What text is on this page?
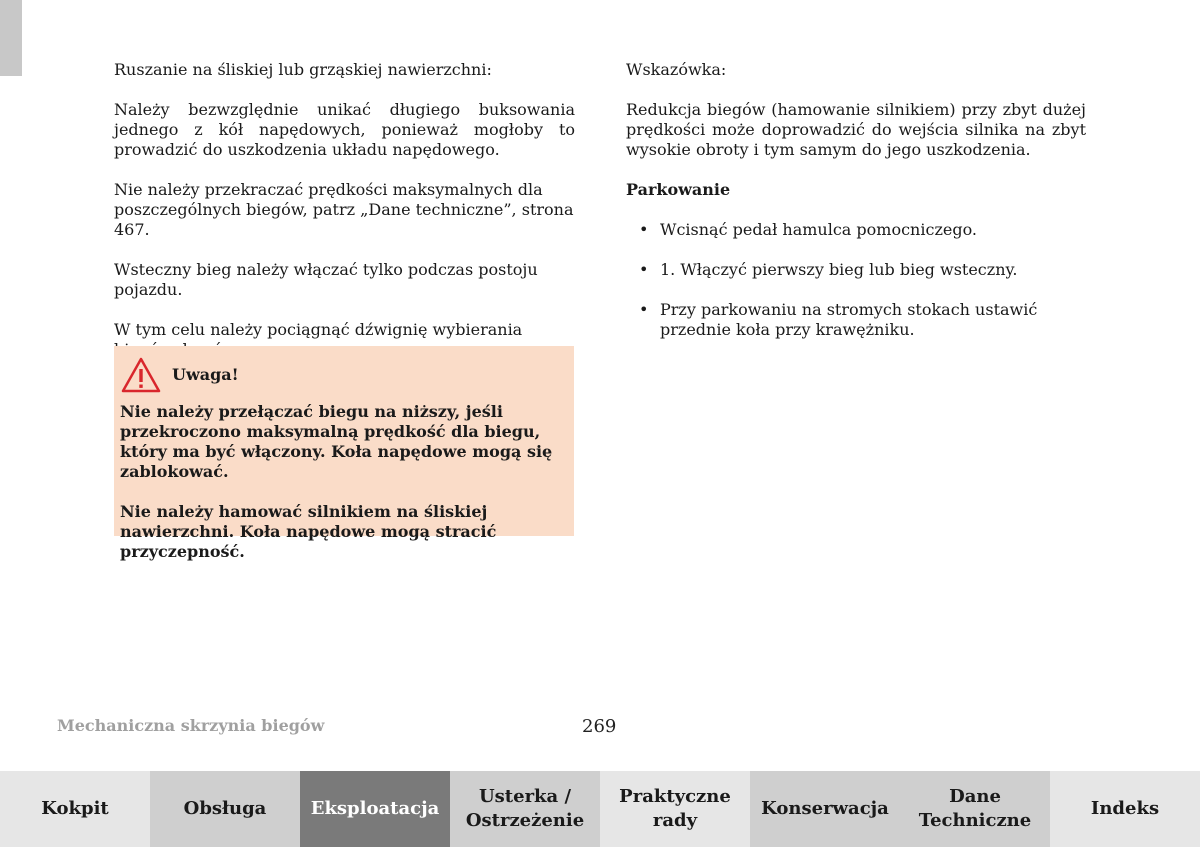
Ruszanie na śliskiej lub grząskiej nawierzchni:

Należy bezwzględnie unikać długiego buksowania jednego z kół napędowych, ponieważ mogłoby to prowadzić do uszkodzenia układu napędowego.

Nie należy przekraczać prędkości maksymalnych dla poszczególnych biegów, patrz „Dane techniczne”, strona 467.

Wsteczny bieg należy włączać tylko podczas postoju pojazdu.

W tym celu należy pociągnąć dźwignię wybierania

Uwaga!

Nie należy przełączać biegu na niższy, jeśli przekroczono maksymalną prędkość dla biegu, który ma być włączony. Koła napędowe mogą się zablokować.

Nie należy hamować silnikiem na śliskiej nawierzchni. Koła napędowe mogą stracić przyczepność.

Wskazówka:

Redukcja biegów (hamowanie silnikiem) przy zbyt dużej prędkości może doprowadzić do wejścia silnika na zbyt wysokie obroty i tym samym do jego uszkodzenia.

Parkowanie
• Wcisnąć pedał hamulca pomocniczego.
• 1. Włączyć pierwszy bieg lub bieg wsteczny.
• Przy parkowaniu na stromych stokach ustawić przednie koła przy krawężniku.
Mechaniczna skrzynia biegów	269
Kokpit	Obsługa Eksploatacja
Usterka /
Ostrzeżenie
Praktyczne
rady
Konserwacja
Dane
Techniczne
Indeks
